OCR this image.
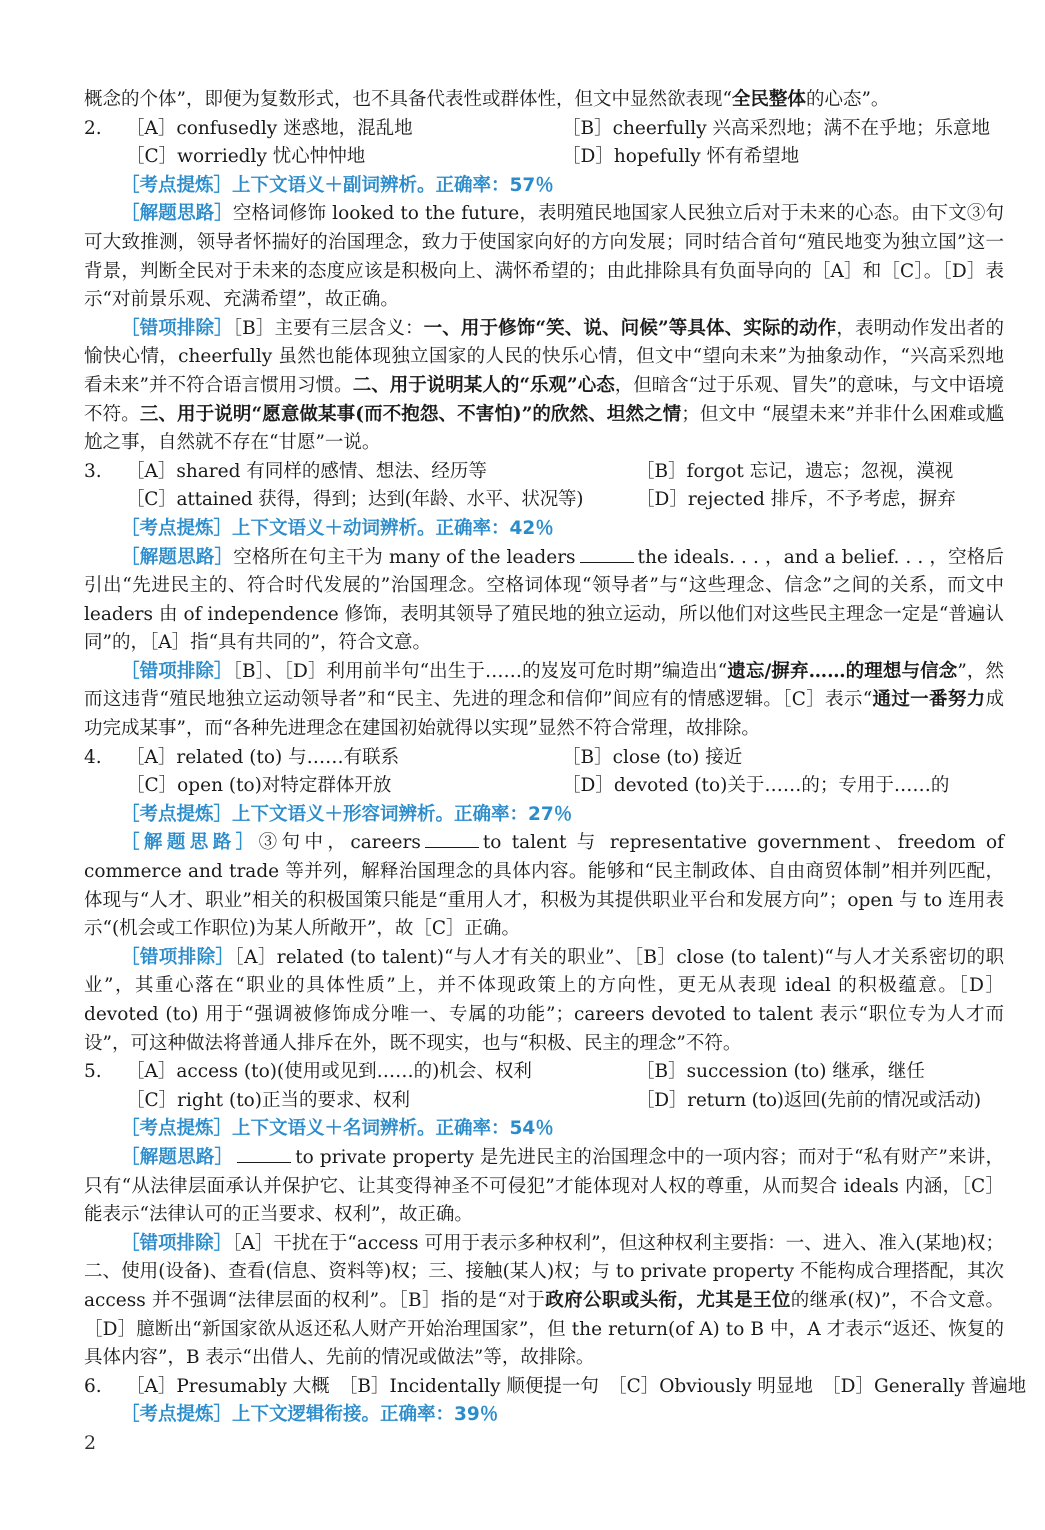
概念的个体”，即便为复数形式，也不具备代表性或群体性，但文中显然欲表现“全民整体的心态”。

2.	［A］confusedly 迷惑地，混乱地	［B］cheerfully 兴高采烈地；满不在乎地；乐意地
［C］worriedly 忧心忡忡地	［D］hopefully 怀有希望地

［考点提炼］上下文语义＋副词辨析。正确率：57％

［解题思路］空格词修饰 looked to the future，表明殖民地国家人民独立后对于未来的心态。由下文③句可大致推测，领导者怀揣好的治国理念，致力于使国家向好的方向发展；同时结合首句“殖民地变为独立国”这一背景，判断全民对于未来的态度应该是积极向上、满怀希望的；由此排除具有负面导向的［A］和［C］。［D］表示“对前景乐观、充满希望”，故正确。

［错项排除］［B］主要有三层含义：一、用于修饰“笑、说、问候”等具体、实际的动作，表明动作发出者的愉快心情，cheerfully 虽然也能体现独立国家的人民的快乐心情，但文中“望向未来”为抽象动作，“兴高采烈地看未来”并不符合语言惯用习惯。二、用于说明某人的“乐观”心态，但暗含“过于乐观、冒失”的意味，与文中语境不符。三、用于说明“愿意做某事(而不抱怨、不害怕)”的欣然、坦然之情；但文中 “展望未来”并非什么困难或尴尬之事，自然就不存在“甘愿”一说。

3.	［A］shared 有同样的感情、想法、经历等	［B］forgot 忘记，遗忘；忽视，漠视
［C］attained 获得，得到；达到(年龄、水平、状况等)	［D］rejected 排斥，不予考虑，摒弃

［考点提炼］上下文语义＋动词辨析。正确率：42％

［解题思路］空格所在句主干为 many of the leaders	the ideals. . . ，and a belief. . . ，空格后引出“先进民主的、符合时代发展的”治国理念。空格词体现“领导者”与“这些理念、信念”之间的关系，而文中 leaders 由 of independence 修饰，表明其领导了殖民地的独立运动，所以他们对这些民主理念一定是“普遍认同”的，［A］指“具有共同的”，符合文意。

［错项排除］［B］、［D］利用前半句“出生于……的岌岌可危时期”编造出“遗忘/摒弃……的理想与信念”，然而这违背“殖民地独立运动领导者”和“民主、先进的理念和信仰”间应有的情感逻辑。［C］表示“通过一番努力成功完成某事”，而“各种先进理念在建国初始就得以实现”显然不符合常理，故排除。

4.	［A］related (to) 与……有联系	［B］close (to) 接近
［C］open (to)对特定群体开放	［D］devoted (to)关于……的；专用于……的

［考点提炼］上下文语义＋形容词辨析。正确率：27％

［解题思路］③句中，careers	to talent 与 representative government、freedom of commerce and trade 等并列，解释治国理念的具体内容。能够和“民主制政体、自由商贸体制”相并列匹配，体现与“人才、职业”相关的积极国策只能是“重用人才，积极为其提供职业平台和发展方向”；open 与 to 连用表示“(机会或工作职位)为某人所敞开”，故［C］正确。

［错项排除］［A］related (to talent)“与人才有关的职业”、［B］close (to talent)“与人才关系密切的职业”，其重心落在“职业的具体性质”上，并不体现政策上的方向性，更无从表现 ideal 的积极蕴意。［D］devoted (to) 用于“强调被修饰成分唯一、专属的功能”；careers devoted to talent 表示“职位专为人才而设”，可这种做法将普通人排斥在外，既不现实，也与“积极、民主的理念”不符。

5.	［A］access (to)(使用或见到……的)机会、权利	［B］succession (to) 继承，继任
［C］right (to)正当的要求、权利	［D］return (to)返回(先前的情况或活动)

［考点提炼］上下文语义＋名词辨析。正确率：54％

［解题思路］	to private property 是先进民主的治国理念中的一项内容；而对于“私有财产”来讲，只有“从法律层面承认并保护它、让其变得神圣不可侵犯”才能体现对人权的尊重，从而契合 ideals 内涵，［C］能表示“法律认可的正当要求、权利”，故正确。

［错项排除］［A］干扰在于“access 可用于表示多种权利”，但这种权利主要指：一、进入、准入(某地)权；二、使用(设备)、查看(信息、资料等)权；三、接触(某人)权；与 to private property 不能构成合理搭配，其次 access 并不强调“法律层面的权利”。［B］指的是“对于政府公职或头衔，尤其是王位的继承(权)”，不合文意。［D］臆断出“新国家欲从返还私人财产开始治理国家”，但 the return(of A) to B 中，A 才表示“返还、恢复的具体内容”，B 表示“出借人、先前的情况或做法”等，故排除。

6.	［A］Presumably 大概　［B］Incidentally 顺便提一句　［C］Obviously 明显地　［D］Generally 普遍地

［考点提炼］上下文逻辑衔接。正确率：39％

2
